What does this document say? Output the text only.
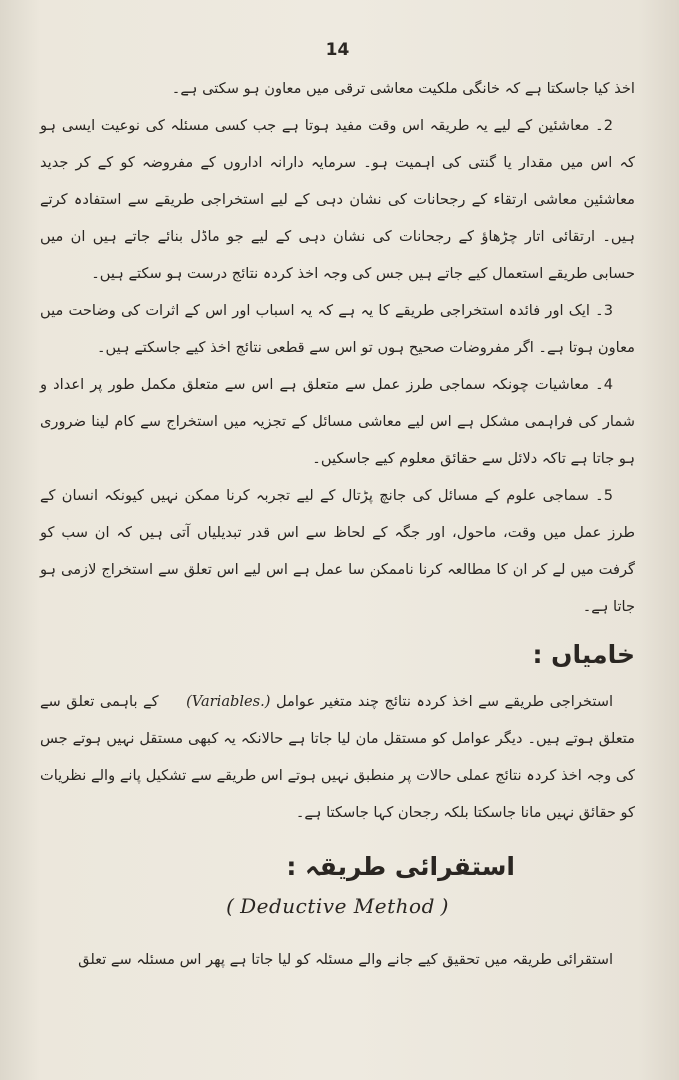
14

اخذ کیا جاسکتا ہے کہ خانگی ملکیت معاشی ترقی میں معاون ہو سکتی ہے۔

2۔ معاشئین کے لیے یہ طریقہ اس وقت مفید ہوتا ہے جب کسی مسئلہ کی نوعیت ایسی ہو کہ اس میں مقدار یا گنتی کی اہمیت ہو۔ سرمایہ دارانہ اداروں کے مفروضہ کو کے کر جدید معاشئین معاشی ارتقاء کے رجحانات کی نشان دہی کے لیے استخراجی طریقے سے استفادہ کرتے ہیں۔ ارتقائی اتار چڑھاؤ کے رجحانات کی نشان دہی کے لیے جو ماڈل بنائے جاتے ہیں ان میں حسابی طریقے استعمال کیے جاتے ہیں جس کی وجہ اخذ کردہ نتائج درست ہو سکتے ہیں۔

3۔ ایک اور فائدہ استخراجی طریقے کا یہ ہے کہ یہ اسباب اور اس کے اثرات کی وضاحت میں معاون ہوتا ہے۔ اگر مفروضات صحیح ہوں تو اس سے قطعی نتائج اخذ کیے جاسکتے ہیں۔

4۔ معاشیات چونکہ سماجی طرز عمل سے متعلق ہے اس سے متعلق مکمل طور پر اعداد و شمار کی فراہمی مشکل ہے اس لیے معاشی مسائل کے تجزیہ میں استخراج سے کام لینا ضروری ہو جاتا ہے تاکہ دلائل سے حقائق معلوم کیے جاسکیں۔

5۔ سماجی علوم کے مسائل کی جانچ پڑتال کے لیے تجربہ کرنا ممکن نہیں کیونکہ انسان کے طرز عمل میں وقت، ماحول، اور جگہ کے لحاظ سے اس قدر تبدیلیاں آتی ہیں کہ ان سب کو گرفت میں لے کر ان کا مطالعہ کرنا ناممکن سا عمل ہے اس لیے اس تعلق سے استخراج لازمی ہو جاتا ہے۔

خامیاں :

استخراجی طریقے سے اخذ کردہ نتائج چند متغیر عوامل (Variables.) کے باہمی تعلق سے متعلق ہوتے ہیں۔ دیگر عوامل کو مستقل مان لیا جاتا ہے حالانکہ یہ کبھی مستقل نہیں ہوتے جس کی وجہ اخذ کردہ نتائج عملی حالات پر منطبق نہیں ہوتے اس طریقے سے تشکیل پانے والے نظریات کو حقائق نہیں مانا جاسکتا بلکہ رجحان کہا جاسکتا ہے۔

استقرائی طریقہ :
( Deductive Method )

استقرائی طریقہ میں تحقیق کیے جانے والے مسئلہ کو لیا جاتا ہے پھر اس مسئلہ سے تعلق
